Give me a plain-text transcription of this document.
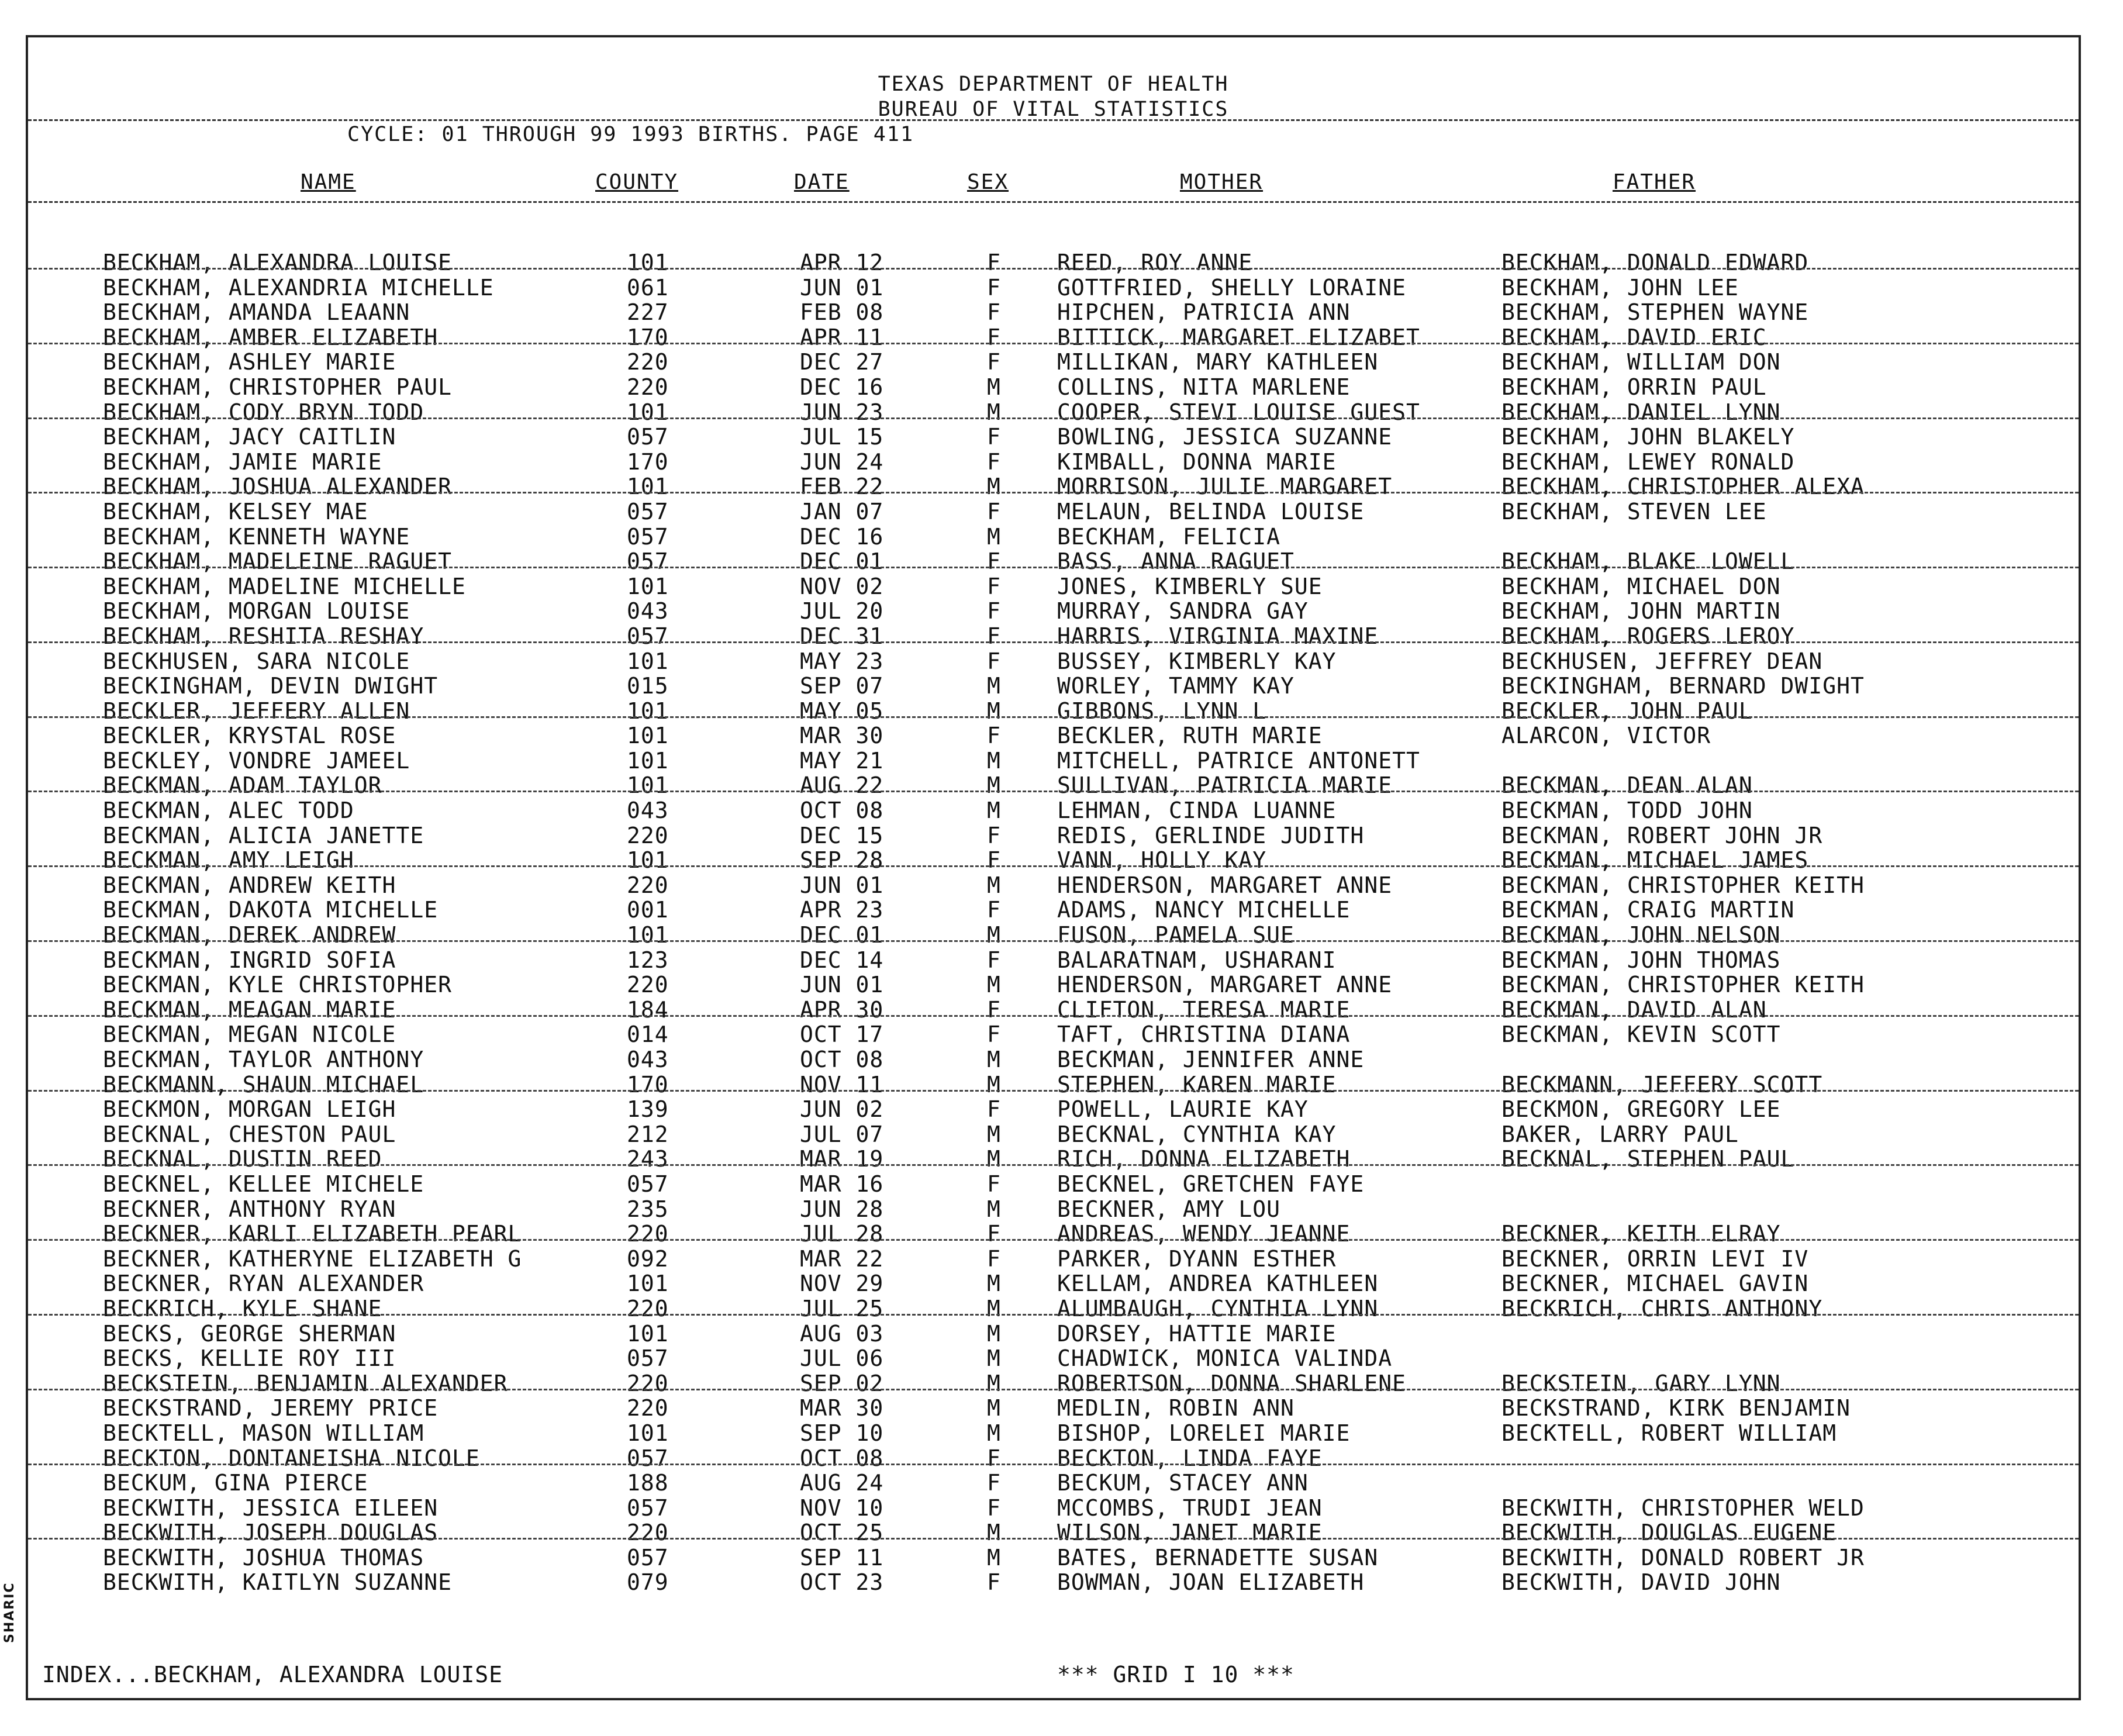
TEXAS DEPARTMENT OF HEALTH
BUREAU OF VITAL STATISTICS
CYCLE: 01 THROUGH 99 1993 BIRTHS. PAGE 411
NAME	COUNTY	DATE	SEX	MOTHER	FATHER
BECKHAM, ALEXANDRA LOUISE	101	APR 12	F	REED, ROY ANNE	BECKHAM, DONALD EDWARD
BECKHAM, ALEXANDRIA MICHELLE	061	JUN 01	F	GOTTFRIED, SHELLY LORAINE	BECKHAM, JOHN LEE
BECKHAM, AMANDA LEAANN	227	FEB 08	F	HIPCHEN, PATRICIA ANN	BECKHAM, STEPHEN WAYNE
BECKHAM, AMBER ELIZABETH	170	APR 11	F	BITTICK, MARGARET ELIZABET	BECKHAM, DAVID ERIC
BECKHAM, ASHLEY MARIE	220	DEC 27	F	MILLIKAN, MARY KATHLEEN	BECKHAM, WILLIAM DON
BECKHAM, CHRISTOPHER PAUL	220	DEC 16	M	COLLINS, NITA MARLENE	BECKHAM, ORRIN PAUL
BECKHAM, CODY BRYN TODD	101	JUN 23	M	COOPER, STEVI LOUISE GUEST	BECKHAM, DANIEL LYNN
BECKHAM, JACY CAITLIN	057	JUL 15	F	BOWLING, JESSICA SUZANNE	BECKHAM, JOHN BLAKELY
BECKHAM, JAMIE MARIE	170	JUN 24	F	KIMBALL, DONNA MARIE	BECKHAM, LEWEY RONALD
BECKHAM, JOSHUA ALEXANDER	101	FEB 22	M	MORRISON, JULIE MARGARET	BECKHAM, CHRISTOPHER ALEXA
BECKHAM, KELSEY MAE	057	JAN 07	F	MELAUN, BELINDA LOUISE	BECKHAM, STEVEN LEE
BECKHAM, KENNETH WAYNE	057	DEC 16	M	BECKHAM, FELICIA
BECKHAM, MADELEINE RAGUET	057	DEC 01	F	BASS, ANNA RAGUET	BECKHAM, BLAKE LOWELL
BECKHAM, MADELINE MICHELLE	101	NOV 02	F	JONES, KIMBERLY SUE	BECKHAM, MICHAEL DON
BECKHAM, MORGAN LOUISE	043	JUL 20	F	MURRAY, SANDRA GAY	BECKHAM, JOHN MARTIN
BECKHAM, RESHITA RESHAY	057	DEC 31	F	HARRIS, VIRGINIA MAXINE	BECKHAM, ROGERS LEROY
BECKHUSEN, SARA NICOLE	101	MAY 23	F	BUSSEY, KIMBERLY KAY	BECKHUSEN, JEFFREY DEAN
BECKINGHAM, DEVIN DWIGHT	015	SEP 07	M	WORLEY, TAMMY KAY	BECKINGHAM, BERNARD DWIGHT
BECKLER, JEFFERY ALLEN	101	MAY 05	M	GIBBONS, LYNN L	BECKLER, JOHN PAUL
BECKLER, KRYSTAL ROSE	101	MAR 30	F	BECKLER, RUTH MARIE	ALARCON, VICTOR
BECKLEY, VONDRE JAMEEL	101	MAY 21	M	MITCHELL, PATRICE ANTONETT
BECKMAN, ADAM TAYLOR	101	AUG 22	M	SULLIVAN, PATRICIA MARIE	BECKMAN, DEAN ALAN
BECKMAN, ALEC TODD	043	OCT 08	M	LEHMAN, CINDA LUANNE	BECKMAN, TODD JOHN
BECKMAN, ALICIA JANETTE	220	DEC 15	F	REDIS, GERLINDE JUDITH	BECKMAN, ROBERT JOHN JR
BECKMAN, AMY LEIGH	101	SEP 28	F	VANN, HOLLY KAY	BECKMAN, MICHAEL JAMES
BECKMAN, ANDREW KEITH	220	JUN 01	M	HENDERSON, MARGARET ANNE	BECKMAN, CHRISTOPHER KEITH
BECKMAN, DAKOTA MICHELLE	001	APR 23	F	ADAMS, NANCY MICHELLE	BECKMAN, CRAIG MARTIN
BECKMAN, DEREK ANDREW	101	DEC 01	M	FUSON, PAMELA SUE	BECKMAN, JOHN NELSON
BECKMAN, INGRID SOFIA	123	DEC 14	F	BALARATNAM, USHARANI	BECKMAN, JOHN THOMAS
BECKMAN, KYLE CHRISTOPHER	220	JUN 01	M	HENDERSON, MARGARET ANNE	BECKMAN, CHRISTOPHER KEITH
BECKMAN, MEAGAN MARIE	184	APR 30	F	CLIFTON, TERESA MARIE	BECKMAN, DAVID ALAN
BECKMAN, MEGAN NICOLE	014	OCT 17	F	TAFT, CHRISTINA DIANA	BECKMAN, KEVIN SCOTT
BECKMAN, TAYLOR ANTHONY	043	OCT 08	M	BECKMAN, JENNIFER ANNE
BECKMANN, SHAUN MICHAEL	170	NOV 11	M	STEPHEN, KAREN MARIE	BECKMANN, JEFFERY SCOTT
BECKMON, MORGAN LEIGH	139	JUN 02	F	POWELL, LAURIE KAY	BECKMON, GREGORY LEE
BECKNAL, CHESTON PAUL	212	JUL 07	M	BECKNAL, CYNTHIA KAY	BAKER, LARRY PAUL
BECKNAL, DUSTIN REED	243	MAR 19	M	RICH, DONNA ELIZABETH	BECKNAL, STEPHEN PAUL
BECKNEL, KELLEE MICHELE	057	MAR 16	F	BECKNEL, GRETCHEN FAYE
BECKNER, ANTHONY RYAN	235	JUN 28	M	BECKNER, AMY LOU
BECKNER, KARLI ELIZABETH PEARL	220	JUL 28	F	ANDREAS, WENDY JEANNE	BECKNER, KEITH ELRAY
BECKNER, KATHERYNE ELIZABETH G	092	MAR 22	F	PARKER, DYANN ESTHER	BECKNER, ORRIN LEVI IV
BECKNER, RYAN ALEXANDER	101	NOV 29	M	KELLAM, ANDREA KATHLEEN	BECKNER, MICHAEL GAVIN
BECKRICH, KYLE SHANE	220	JUL 25	M	ALUMBAUGH, CYNTHIA LYNN	BECKRICH, CHRIS ANTHONY
BECKS, GEORGE SHERMAN	101	AUG 03	M	DORSEY, HATTIE MARIE
BECKS, KELLIE ROY III	057	JUL 06	M	CHADWICK, MONICA VALINDA
BECKSTEIN, BENJAMIN ALEXANDER	220	SEP 02	M	ROBERTSON, DONNA SHARLENE	BECKSTEIN, GARY LYNN
BECKSTRAND, JEREMY PRICE	220	MAR 30	M	MEDLIN, ROBIN ANN	BECKSTRAND, KIRK BENJAMIN
BECKTELL, MASON WILLIAM	101	SEP 10	M	BISHOP, LORELEI MARIE	BECKTELL, ROBERT WILLIAM
BECKTON, DONTANEISHA NICOLE	057	OCT 08	F	BECKTON, LINDA FAYE
BECKUM, GINA PIERCE	188	AUG 24	F	BECKUM, STACEY ANN
BECKWITH, JESSICA EILEEN	057	NOV 10	F	MCCOMBS, TRUDI JEAN	BECKWITH, CHRISTOPHER WELD
BECKWITH, JOSEPH DOUGLAS	220	OCT 25	M	WILSON, JANET MARIE	BECKWITH, DOUGLAS EUGENE
BECKWITH, JOSHUA THOMAS	057	SEP 11	M	BATES, BERNADETTE SUSAN	BECKWITH, DONALD ROBERT JR
BECKWITH, KAITLYN SUZANNE	079	OCT 23	F	BOWMAN, JOAN ELIZABETH	BECKWITH, DAVID JOHN
INDEX...BECKHAM, ALEXANDRA LOUISE	*** GRID I 10 ***
SHARIC
